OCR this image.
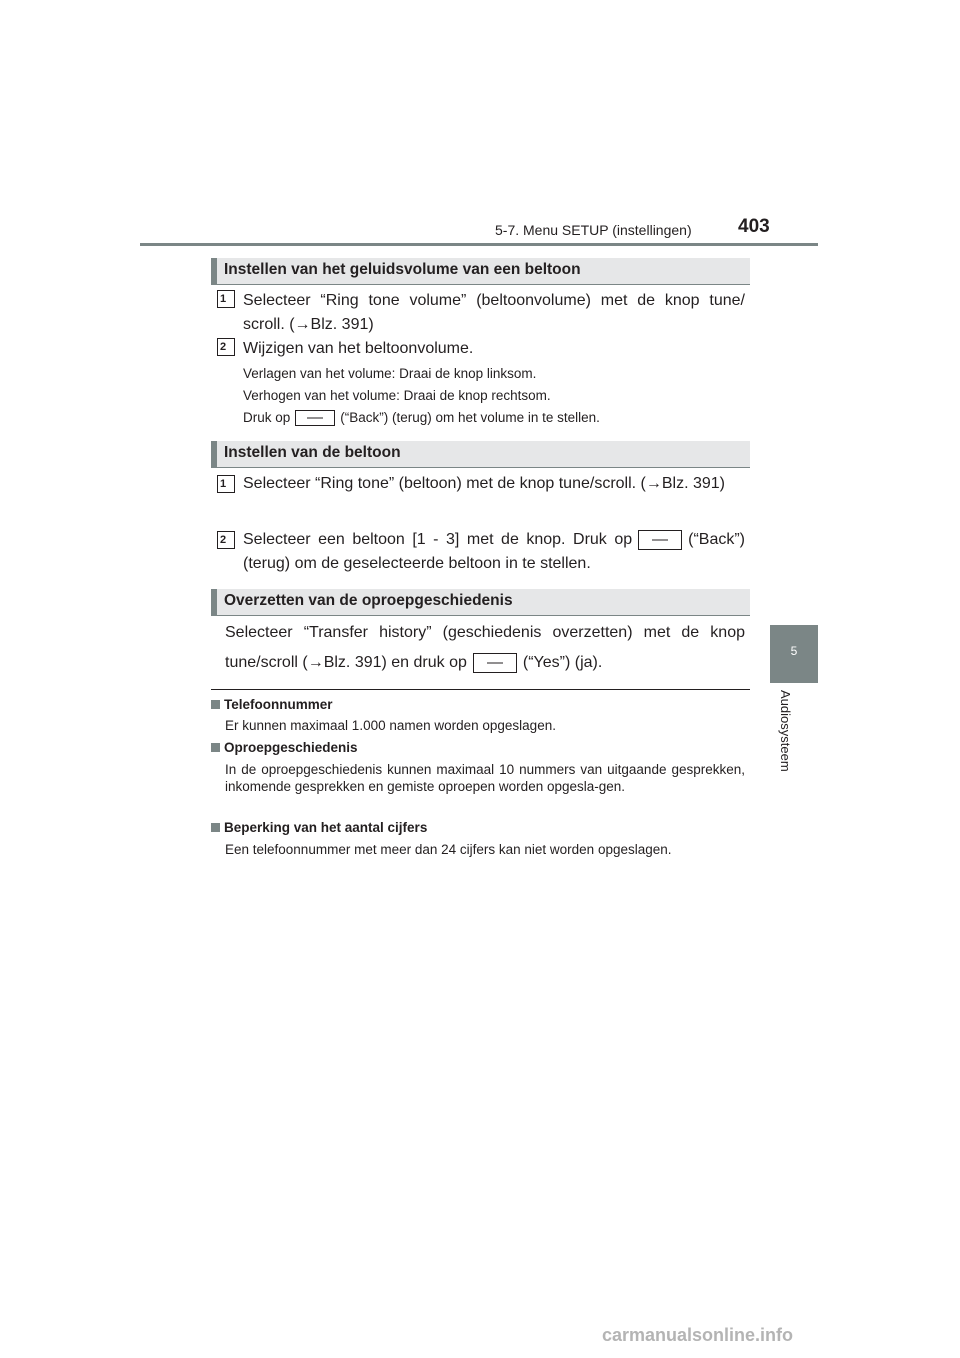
5-7. Menu SETUP (instellingen) 403
5
Audiosysteem
Instellen van het geluidsvolume van een beltoon
1	Selecteer “Ring tone volume” (beltoonvolume) met de knop tune/ scroll. (→Blz. 391)
2	Wijzigen van het beltoonvolume.
Verlagen van het volume: Draai de knop linksom.
Verhogen van het volume: Draai de knop rechtsom.
Druk op	(“Back”) (terug) om het volume in te stellen.
Instellen van de beltoon
1	Selecteer “Ring tone” (beltoon) met de knop tune/scroll. (→Blz. 391)
2	Selecteer een beltoon [1 - 3] met de knop. Druk op	(“Back”) (terug) om de geselecteerde beltoon in te stellen.
Overzetten van de oproepgeschiedenis
Selecteer “Transfer history” (geschiedenis overzetten) met de knop tune/scroll (→Blz. 391) en druk op	(“Yes”) (ja).
Telefoonnummer
Er kunnen maximaal 1.000 namen worden opgeslagen.
Oproepgeschiedenis
In de oproepgeschiedenis kunnen maximaal 10 nummers van uitgaande gesprekken, inkomende gesprekken en gemiste oproepen worden opgesla-gen.
Beperking van het aantal cijfers
Een telefoonnummer met meer dan 24 cijfers kan niet worden opgeslagen.
carmanualsonline.info
